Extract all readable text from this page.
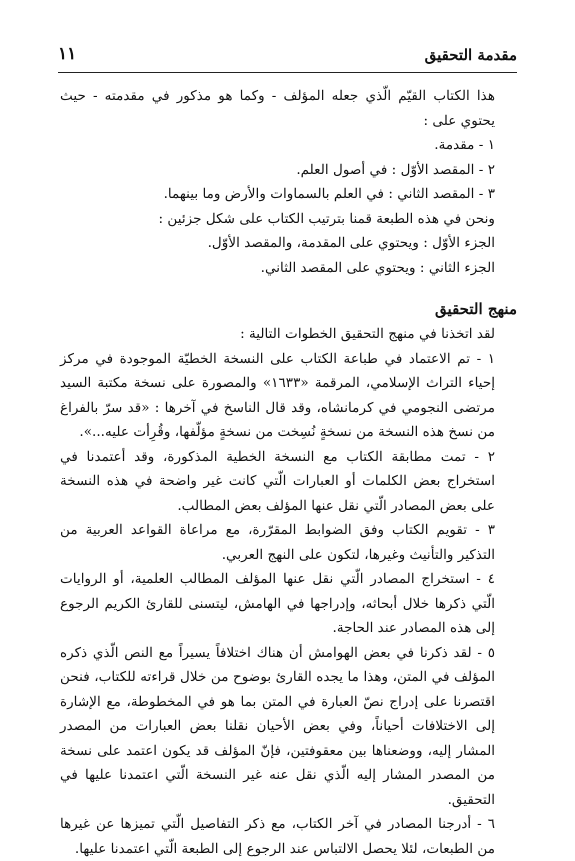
مقدمة التحقيق
١١

هذا الكتاب القيّم الّذي جعله المؤلف - وكما هو مذكور في مقدمته - حيث يحتوي على :

١ - مقدمة.

٢ - المقصد الأوّل : في أصول العلم.

٣ - المقصد الثاني : في العلم بالسماوات والأرض وما بينهما.

ونحن في هذه الطبعة قمنا بترتيب الكتاب على شكل جزئين :

الجزء الأوّل : ويحتوي على المقدمة، والمقصد الأوّل.

الجزء الثاني : ويحتوي على المقصد الثاني.

منهج التحقيق

لقد اتخذنا في منهج التحقيق الخطوات التالية :

١ - تم الاعتماد في طباعة الكتاب على النسخة الخطيّة الموجودة في مركز إحياء التراث الإسلامي، المرقمة «١٦٣٣» والمصورة على نسخة مكتبة السيد مرتضى النجومي في كرمانشاه، وقد قال الناسخ في آخرها : «قد سرّ بالفراغ من نسخ هذه النسخة من نسخةٍ نُسِخت من نسخةٍ مؤلّفها، وقُرِأت عليه...».

٢ - تمت مطابقة الكتاب مع النسخة الخطية المذكورة، وقد أعتمدنا في استخراج بعض الكلمات أو العبارات الّتي كانت غير واضحة في هذه النسخة على بعض المصادر الّتي نقل عنها المؤلف بعض المطالب.

٣ - تقويم الكتاب وفق الضوابط المقرّرة، مع مراعاة القواعد العربية من التذكير والتأنيث وغيرها، لتكون على النهج العربي.

٤ - استخراج المصادر الّتي نقل عنها المؤلف المطالب العلمية، أو الروايات الّتي ذكرها خلال أبحاثه، وإدراجها في الهامش، ليتسنى للقارئ الكريم الرجوع إلى هذه المصادر عند الحاجة.

٥ - لقد ذكرنا في بعض الهوامش أن هناك اختلافاً يسيراً مع النص الّذي ذكره المؤلف في المتن، وهذا ما يجده القارئ بوضوح من خلال قراءته للكتاب، فنحن اقتصرنا على إدراج نصّ العبارة في المتن بما هو في المخطوطة، مع الإشارة إلى الاختلافات أحياناً، وفي بعض الأحيان نقلنا بعض العبارات من المصدر المشار إليه، ووضعناها بين معقوفتين، فإنّ المؤلف قد يكون اعتمد على نسخة من المصدر المشار إليه الّذي نقل عنه غير النسخة الّتي اعتمدنا عليها في التحقيق.

٦ - أدرجنا المصادر في آخر الكتاب، مع ذكر التفاصيل الّتي تميزها عن غيرها من الطبعات، لئلا يحصل الالتباس عند الرجوع إلى الطبعة الّتي اعتمدنا عليها.
